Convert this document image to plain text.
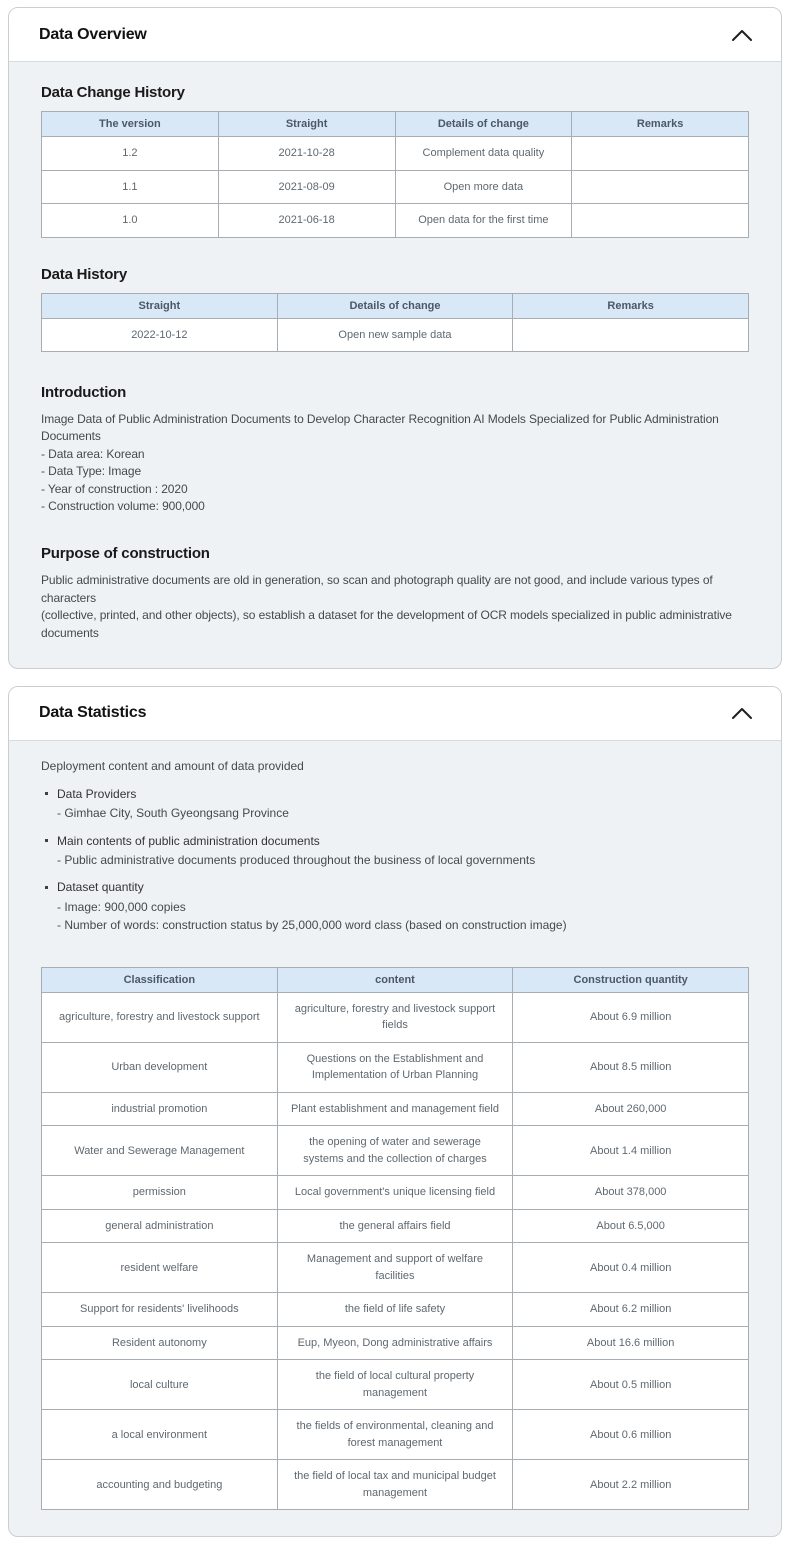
Data Overview
Data Change History
The version	Straight	Details of change	Remarks
1.2	2021-10-28	Complement data quality	
1.1	2021-08-09	Open more data	
1.0	2021-06-18	Open data for the first time	
Data History
Straight	Details of change	Remarks
2022-10-12	Open new sample data	
Introduction
Image Data of Public Administration Documents to Develop Character Recognition AI Models Specialized for Public Administration Documents
- Data area: Korean
- Data Type: Image
- Year of construction : 2020
- Construction volume: 900,000
Purpose of construction
Public administrative documents are old in generation, so scan and photograph quality are not good, and include various types of characters
(collective, printed, and other objects), so establish a dataset for the development of OCR models specialized in public administrative documents
Data Statistics
Deployment content and amount of data provided
Data Providers
- Gimhae City, South Gyeongsang Province
Main contents of public administration documents
- Public administrative documents produced throughout the business of local governments
Dataset quantity
- Image: 900,000 copies
- Number of words: construction status by 25,000,000 word class (based on construction image)
Classification	content	Construction quantity
agriculture, forestry and livestock support	agriculture, forestry and livestock support fields	About 6.9 million
Urban development	Questions on the Establishment and Implementation of Urban Planning	About 8.5 million
industrial promotion	Plant establishment and management field	About 260,000
Water and Sewerage Management	the opening of water and sewerage systems and the collection of charges	About 1.4 million
permission	Local government's unique licensing field	About 378,000
general administration	the general affairs field	About 6.5,000
resident welfare	Management and support of welfare facilities	About 0.4 million
Support for residents' livelihoods	the field of life safety	About 6.2 million
Resident autonomy	Eup, Myeon, Dong administrative affairs	About 16.6 million
local culture	the field of local cultural property management	About 0.5 million
a local environment	the fields of environmental, cleaning and forest management	About 0.6 million
accounting and budgeting	the field of local tax and municipal budget management	About 2.2 million
